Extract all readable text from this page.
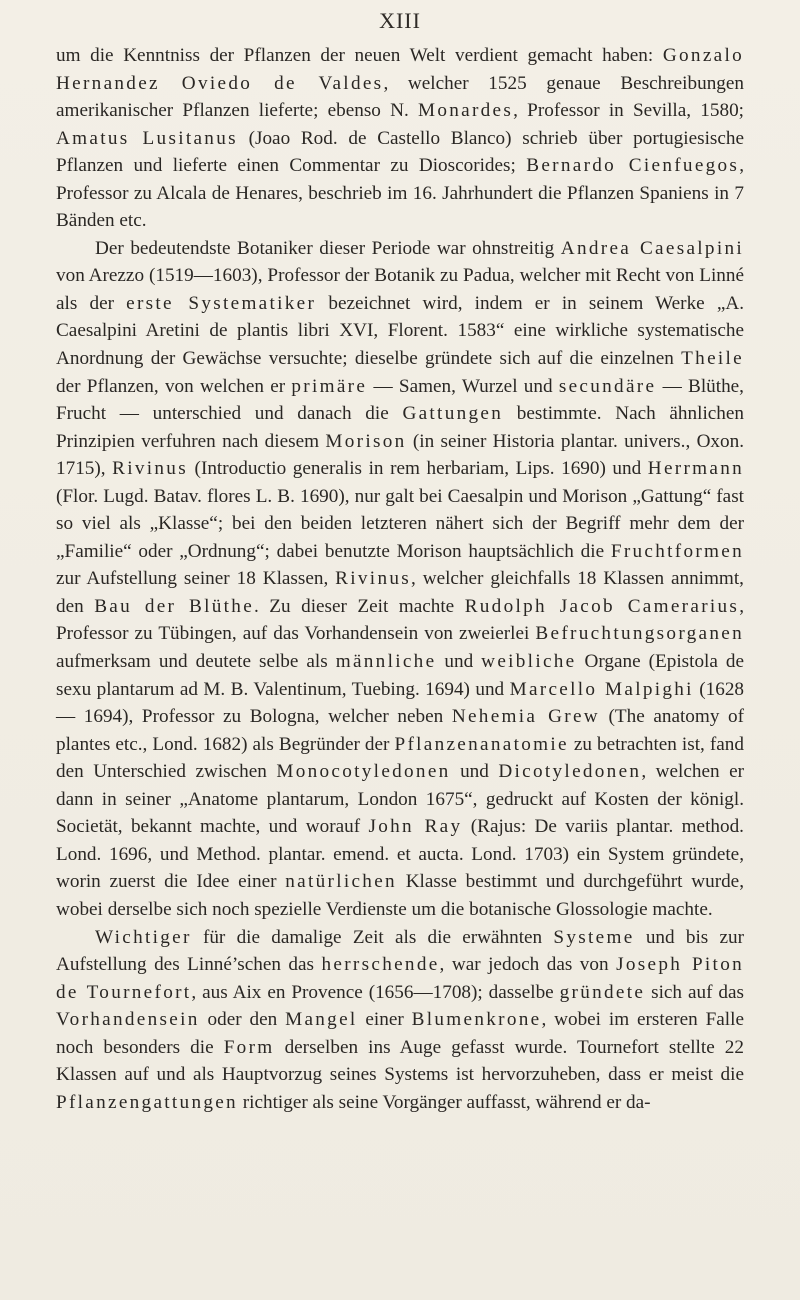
XIII

um die Kenntniss der Pflanzen der neuen Welt verdient gemacht haben: Gonzalo Hernandez Oviedo de Valdes, welcher 1525 genaue Beschreibungen amerikanischer Pflanzen lieferte; ebenso N. Monardes, Professor in Sevilla, 1580; Amatus Lusitanus (Joao Rod. de Castello Blanco) schrieb über portugiesische Pflanzen und lieferte einen Commentar zu Dioscorides; Bernardo Cienfuegos, Professor zu Alcala de Henares, beschrieb im 16. Jahrhundert die Pflanzen Spaniens in 7 Bänden etc.

Der bedeutendste Botaniker dieser Periode war ohnstreitig Andrea Caesalpini von Arezzo (1519—1603), Professor der Botanik zu Padua, welcher mit Recht von Linné als der erste Systematiker bezeichnet wird, indem er in seinem Werke „A. Caesalpini Aretini de plantis libri XVI, Florent. 1583“ eine wirkliche systematische Anordnung der Gewächse versuchte; dieselbe gründete sich auf die einzelnen Theile der Pflanzen, von welchen er primäre — Samen, Wurzel und secundäre — Blüthe, Frucht — unterschied und danach die Gattungen bestimmte. Nach ähnlichen Prinzipien verfuhren nach diesem Morison (in seiner Historia plantar. univers., Oxon. 1715), Rivinus (Introductio generalis in rem herbariam, Lips. 1690) und Herrmann (Flor. Lugd. Batav. flores L. B. 1690), nur galt bei Caesalpin und Morison „Gattung“ fast so viel als „Klasse“; bei den beiden letzteren nähert sich der Begriff mehr dem der „Familie“ oder „Ordnung“; dabei benutzte Morison hauptsächlich die Fruchtformen zur Aufstellung seiner 18 Klassen, Rivinus, welcher gleichfalls 18 Klassen annimmt, den Bau der Blüthe. Zu dieser Zeit machte Rudolph Jacob Camerarius, Professor zu Tübingen, auf das Vorhandensein von zweierlei Befruchtungsorganen aufmerksam und deutete selbe als männliche und weibliche Organe (Epistola de sexu plantarum ad M. B. Valentinum, Tuebing. 1694) und Marcello Malpighi (1628 — 1694), Professor zu Bologna, welcher neben Nehemia Grew (The anatomy of plantes etc., Lond. 1682) als Begründer der Pflanzenanatomie zu betrachten ist, fand den Unterschied zwischen Monocotyledonen und Dicotyledonen, welchen er dann in seiner „Anatome plantarum, London 1675“, gedruckt auf Kosten der königl. Societät, bekannt machte, und worauf John Ray (Rajus: De variis plantar. method. Lond. 1696, und Method. plantar. emend. et aucta. Lond. 1703) ein System gründete, worin zuerst die Idee einer natürlichen Klasse bestimmt und durchgeführt wurde, wobei derselbe sich noch spezielle Verdienste um die botanische Glossologie machte.

Wichtiger für die damalige Zeit als die erwähnten Systeme und bis zur Aufstellung des Linné’schen das herrschende, war jedoch das von Joseph Piton de Tournefort, aus Aix en Provence (1656—1708); dasselbe gründete sich auf das Vorhandensein oder den Mangel einer Blumenkrone, wobei im ersteren Falle noch besonders die Form derselben ins Auge gefasst wurde. Tournefort stellte 22 Klassen auf und als Hauptvorzug seines Systems ist hervorzuheben, dass er meist die Pflanzengattungen richtiger als seine Vorgänger auffasst, während er da-
